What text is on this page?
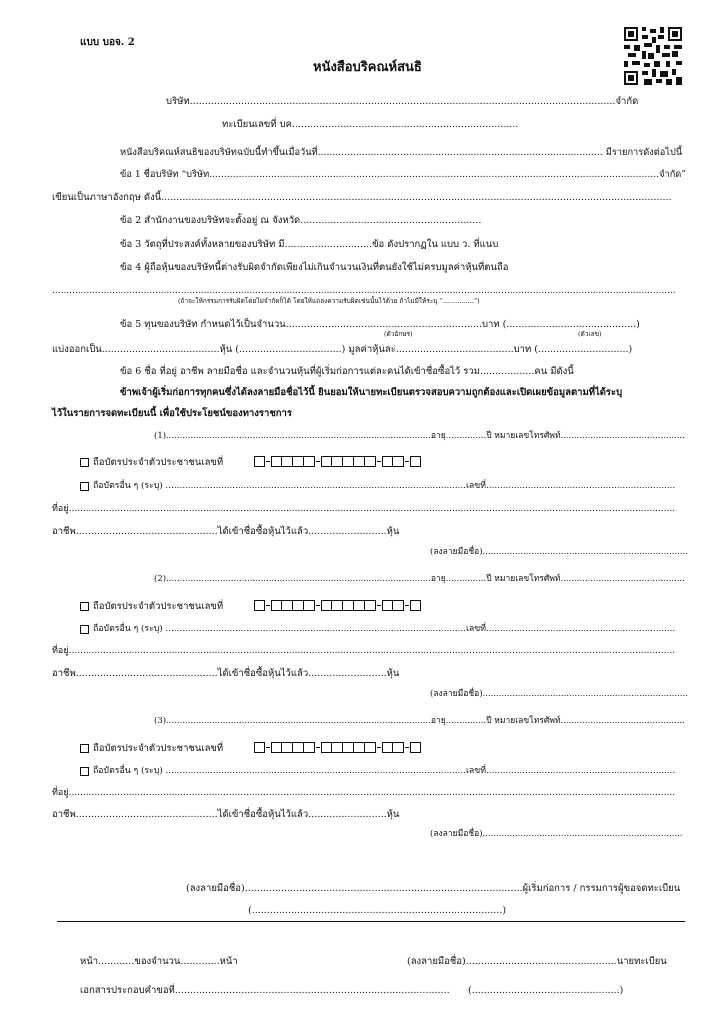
แบบ บอจ. 2
หนังสือบริคณห์สนธิ
บริษัท.............................................................................................................................................จำกัด
ทะเบียนเลขที่ บค...........................................................................
หนังสือบริคณห์สนธิของบริษัทฉบับนี้ทำขึ้นเมื่อวันที่................................................................................................. มีรายการดังต่อไปนี้
ข้อ 1 ชื่อบริษัท “บริษัท.........................................................................................................................................................จำกัด”
เขียนเป็นภาษาอังกฤษ ดังนี้.........................................................................................................................................................................
ข้อ 2 สำนักงานของบริษัทจะตั้งอยู่ ณ จังหวัด............................................................
ข้อ 3 วัตถุที่ประสงค์ทั้งหลายของบริษัท มี.............................ข้อ ดังปรากฏใน แบบ ว. ที่แนบ
ข้อ 4 ผู้ถือหุ้นของบริษัทนี้ต่างรับผิดจำกัดเพียงไม่เกินจำนวนเงินที่ตนยังใช้ไม่ครบมูลค่าหุ้นที่ตนถือ
..........................................................................................................................................................................................................................
(ถ้าจะให้กรรมการรับผิดโดยไม่จำกัดก็ได้ โดยให้แถลงความรับผิดเช่นนั้นไว้ด้วย ถ้าไม่มีให้ระบุ “...............”)
ข้อ 5 ทุนของบริษัท กำหนดไว้เป็นจำนวน.................................................................บาท (...........................................)
(ตัวอักษร)	(ตัวเลข)
แบ่งออกเป็น.......................................หุ้น (..................................) มูลค่าหุ้นละ.......................................บาท (..............................)
ข้อ 6 ชื่อ ที่อยู่ อาชีพ ลายมือชื่อ และจำนวนหุ้นที่ผู้เริ่มก่อการแต่ละคนได้เข้าชื่อซื้อไว้ รวม..................คน มีดังนี้
ข้าพเจ้าผู้เริ่มก่อการทุกคนซึ่งได้ลงลายมือชื่อไว้นี้ ยินยอมให้นายทะเบียนตรวจสอบความถูกต้องและเปิดเผยข้อมูลตามที่ได้ระบุ
ไว้ในรายการจดทะเบียนนี้ เพื่อใช้ประโยชน์ของทางราชการ
(1)..................................................................................................อายุ...............ปี หมายเลขโทรศัพท์..............................................
ถือบัตรประจำตัวประชาชนเลขที่
ถือบัตรอื่น ๆ (ระบุ) ............................................................................................................เลขที่....................................................................
ที่อยู่....................................................................................................................................................................................................................
อาชีพ...............................................ได้เข้าชื่อซื้อหุ้นไว้แล้ว..........................หุ้น
(ลงลายมือชื่อ)............................................................................
(2)..................................................................................................อายุ...............ปี หมายเลขโทรศัพท์..............................................
ถือบัตรประจำตัวประชาชนเลขที่
ถือบัตรอื่น ๆ (ระบุ) ............................................................................................................เลขที่....................................................................
ที่อยู่....................................................................................................................................................................................................................
อาชีพ...............................................ได้เข้าชื่อซื้อหุ้นไว้แล้ว..........................หุ้น
(ลงลายมือชื่อ)............................................................................
(3)..................................................................................................อายุ...............ปี หมายเลขโทรศัพท์..............................................
ถือบัตรประจำตัวประชาชนเลขที่
ถือบัตรอื่น ๆ (ระบุ) ............................................................................................................เลขที่....................................................................
ที่อยู่....................................................................................................................................................................................................................
อาชีพ...............................................ได้เข้าชื่อซื้อหุ้นไว้แล้ว..........................หุ้น
(ลงลายมือชื่อ)..........................................................................
(ลงลายมือชื่อ)............................................................................................ผู้เริ่มก่อการ / กรรมการผู้ขอจดทะเบียน
(...................................................................................)
หน้า............ของจำนวน.............หน้า	(ลงลายมือชื่อ)..................................................นายทะเบียน
เอกสารประกอบคำขอที่........................................................................................... (.................................................)
